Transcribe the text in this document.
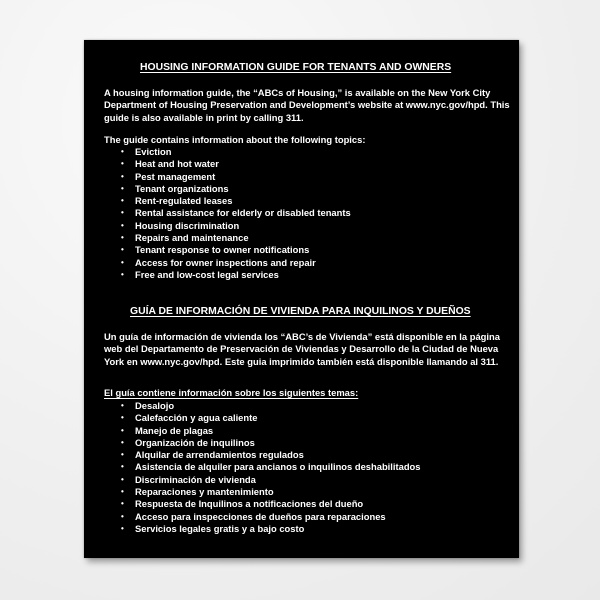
HOUSING INFORMATION GUIDE FOR TENANTS AND OWNERS
A housing information guide, the “ABCs of Housing,” is available on the New York City Department of Housing Preservation and Development’s website at www.nyc.gov/hpd. This guide is also available in print by calling 311.
The guide contains information about the following topics:
•	Eviction
•	Heat and hot water
•	Pest management
•	Tenant organizations
•	Rent-regulated leases
•	Rental assistance for elderly or disabled tenants
•	Housing discrimination
•	Repairs and maintenance
•	Tenant response to owner notifications
•	Access for owner inspections and repair
•	Free and low-cost legal services
GUÍA DE INFORMACIÓN DE VIVIENDA PARA INQUILINOS Y DUEÑOS
Un guía de información de vivienda los “ABC’s de Vivienda” está disponible en la página web del Departamento de Preservación de Viviendas y Desarrollo de la Ciudad de Nueva York en www.nyc.gov/hpd. Este guia imprimido también está disponible llamando al 311.
El guía contiene información sobre los siguientes temas:
•	Desalojo
•	Calefacción y agua caliente
•	Manejo de plagas
•	Organización de inquilinos
•	Alquilar de arrendamientos regulados
•	Asistencia de alquiler para ancianos o inquilinos deshabilitados
•	Discriminación de vivienda
•	Reparaciones y mantenimiento
•	Respuesta de Inquilinos a notificaciones del dueño
•	Acceso para inspecciones de dueños para reparaciones
•	Servicios legales gratis y a bajo costo
